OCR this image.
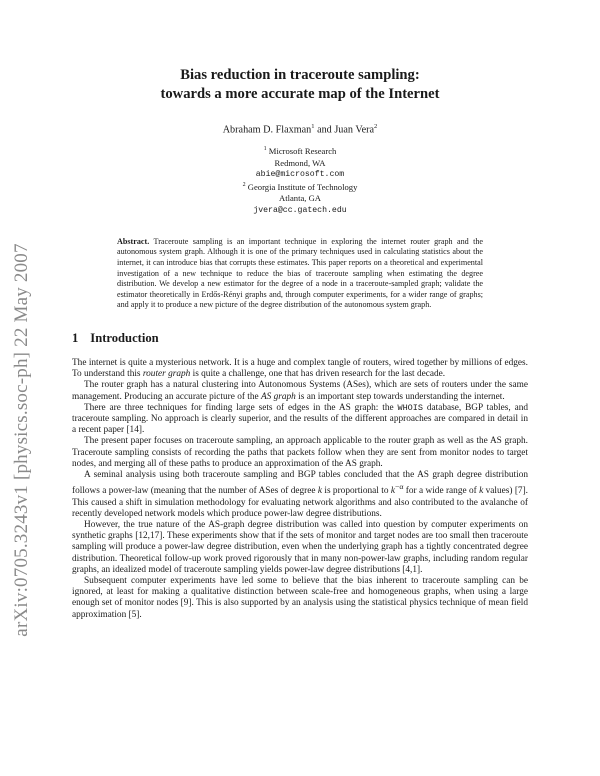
arXiv:0705.3243v1 [physics.soc-ph] 22 May 2007
Bias reduction in traceroute sampling:
towards a more accurate map of the Internet
Abraham D. Flaxman$^1$ and Juan Vera$^2$
$^1$ Microsoft Research
Redmond, WA
abie@microsoft.com
$^2$ Georgia Institute of Technology
Atlanta, GA
jvera@cc.gatech.edu
Abstract. Traceroute sampling is an important technique in exploring the internet router graph and the autonomous system graph. Although it is one of the primary techniques used in calculating statistics about the internet, it can introduce bias that corrupts these estimates. This paper reports on a theoretical and experimental investigation of a new technique to reduce the bias of traceroute sampling when estimating the degree distribution. We develop a new estimator for the degree of a node in a traceroute-sampled graph; validate the estimator theoretically in Erdős-Rényi graphs and, through computer experiments, for a wider range of graphs; and apply it to produce a new picture of the degree distribution of the autonomous system graph.
1 Introduction

The internet is quite a mysterious network. It is a huge and complex tangle of routers, wired together by millions of edges. To understand this router graph is quite a challenge, one that has driven research for the last decade.

The router graph has a natural clustering into Autonomous Systems (ASes), which are sets of routers under the same management. Producing an accurate picture of the AS graph is an important step towards understanding the internet.

There are three techniques for finding large sets of edges in the AS graph: the WHOIS database, BGP tables, and traceroute sampling. No approach is clearly superior, and the results of the different approaches are compared in detail in a recent paper [14].

The present paper focuses on traceroute sampling, an approach applicable to the router graph as well as the AS graph. Traceroute sampling consists of recording the paths that packets follow when they are sent from monitor nodes to target nodes, and merging all of these paths to produce an approximation of the AS graph.

A seminal analysis using both traceroute sampling and BGP tables concluded that the AS graph degree distribution follows a power-law (meaning that the number of ASes of degree k is proportional to $k^{-\alpha}$ for a wide range of k values) [7]. This caused a shift in simulation methodology for evaluating network algorithms and also contributed to the avalanche of recently developed network models which produce power-law degree distributions.

However, the true nature of the AS-graph degree distribution was called into question by computer experiments on synthetic graphs [12,17]. These experiments show that if the sets of monitor and target nodes are too small then traceroute sampling will produce a power-law degree distribution, even when the underlying graph has a tightly concentrated degree distribution. Theoretical follow-up work proved rigorously that in many non-power-law graphs, including random regular graphs, an idealized model of traceroute sampling yields power-law degree distributions [4,1].

Subsequent computer experiments have led some to believe that the bias inherent to traceroute sampling can be ignored, at least for making a qualitative distinction between scale-free and homogeneous graphs, when using a large enough set of monitor nodes [9]. This is also supported by an analysis using the statistical physics technique of mean field approximation [5].
